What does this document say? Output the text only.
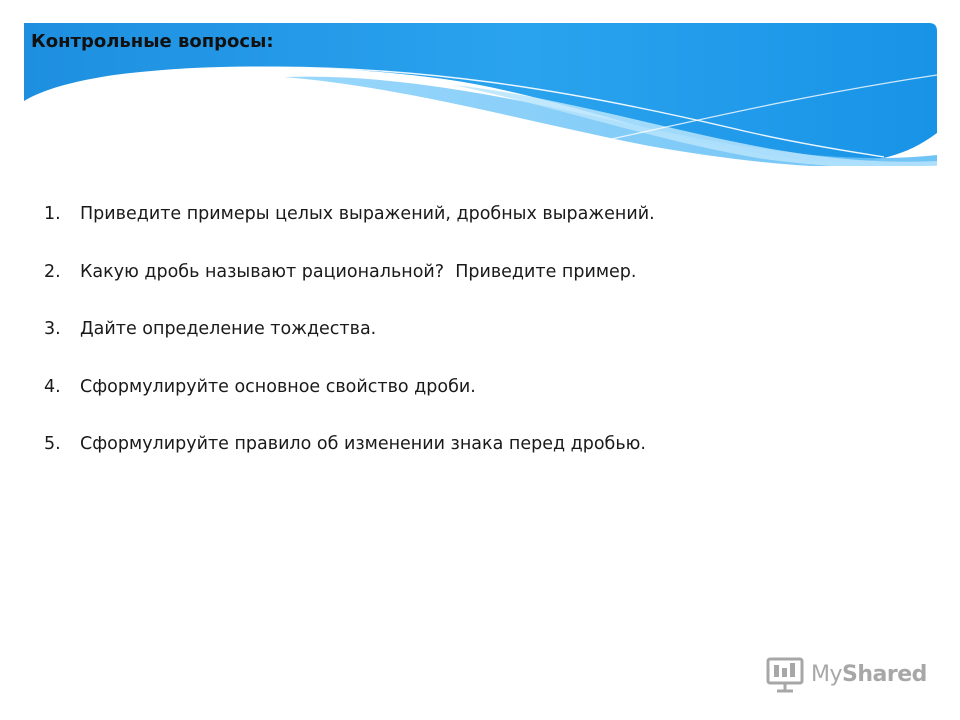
Контрольные вопросы:
1.	Приведите примеры целых выражений, дробных выражений.
2.	Какую дробь называют рациональной?  Приведите пример.
3.	Дайте определение тождества.
4.	Сформулируйте основное свойство дроби.
5.	Сформулируйте правило об изменении знака перед дробью.
MyShared
